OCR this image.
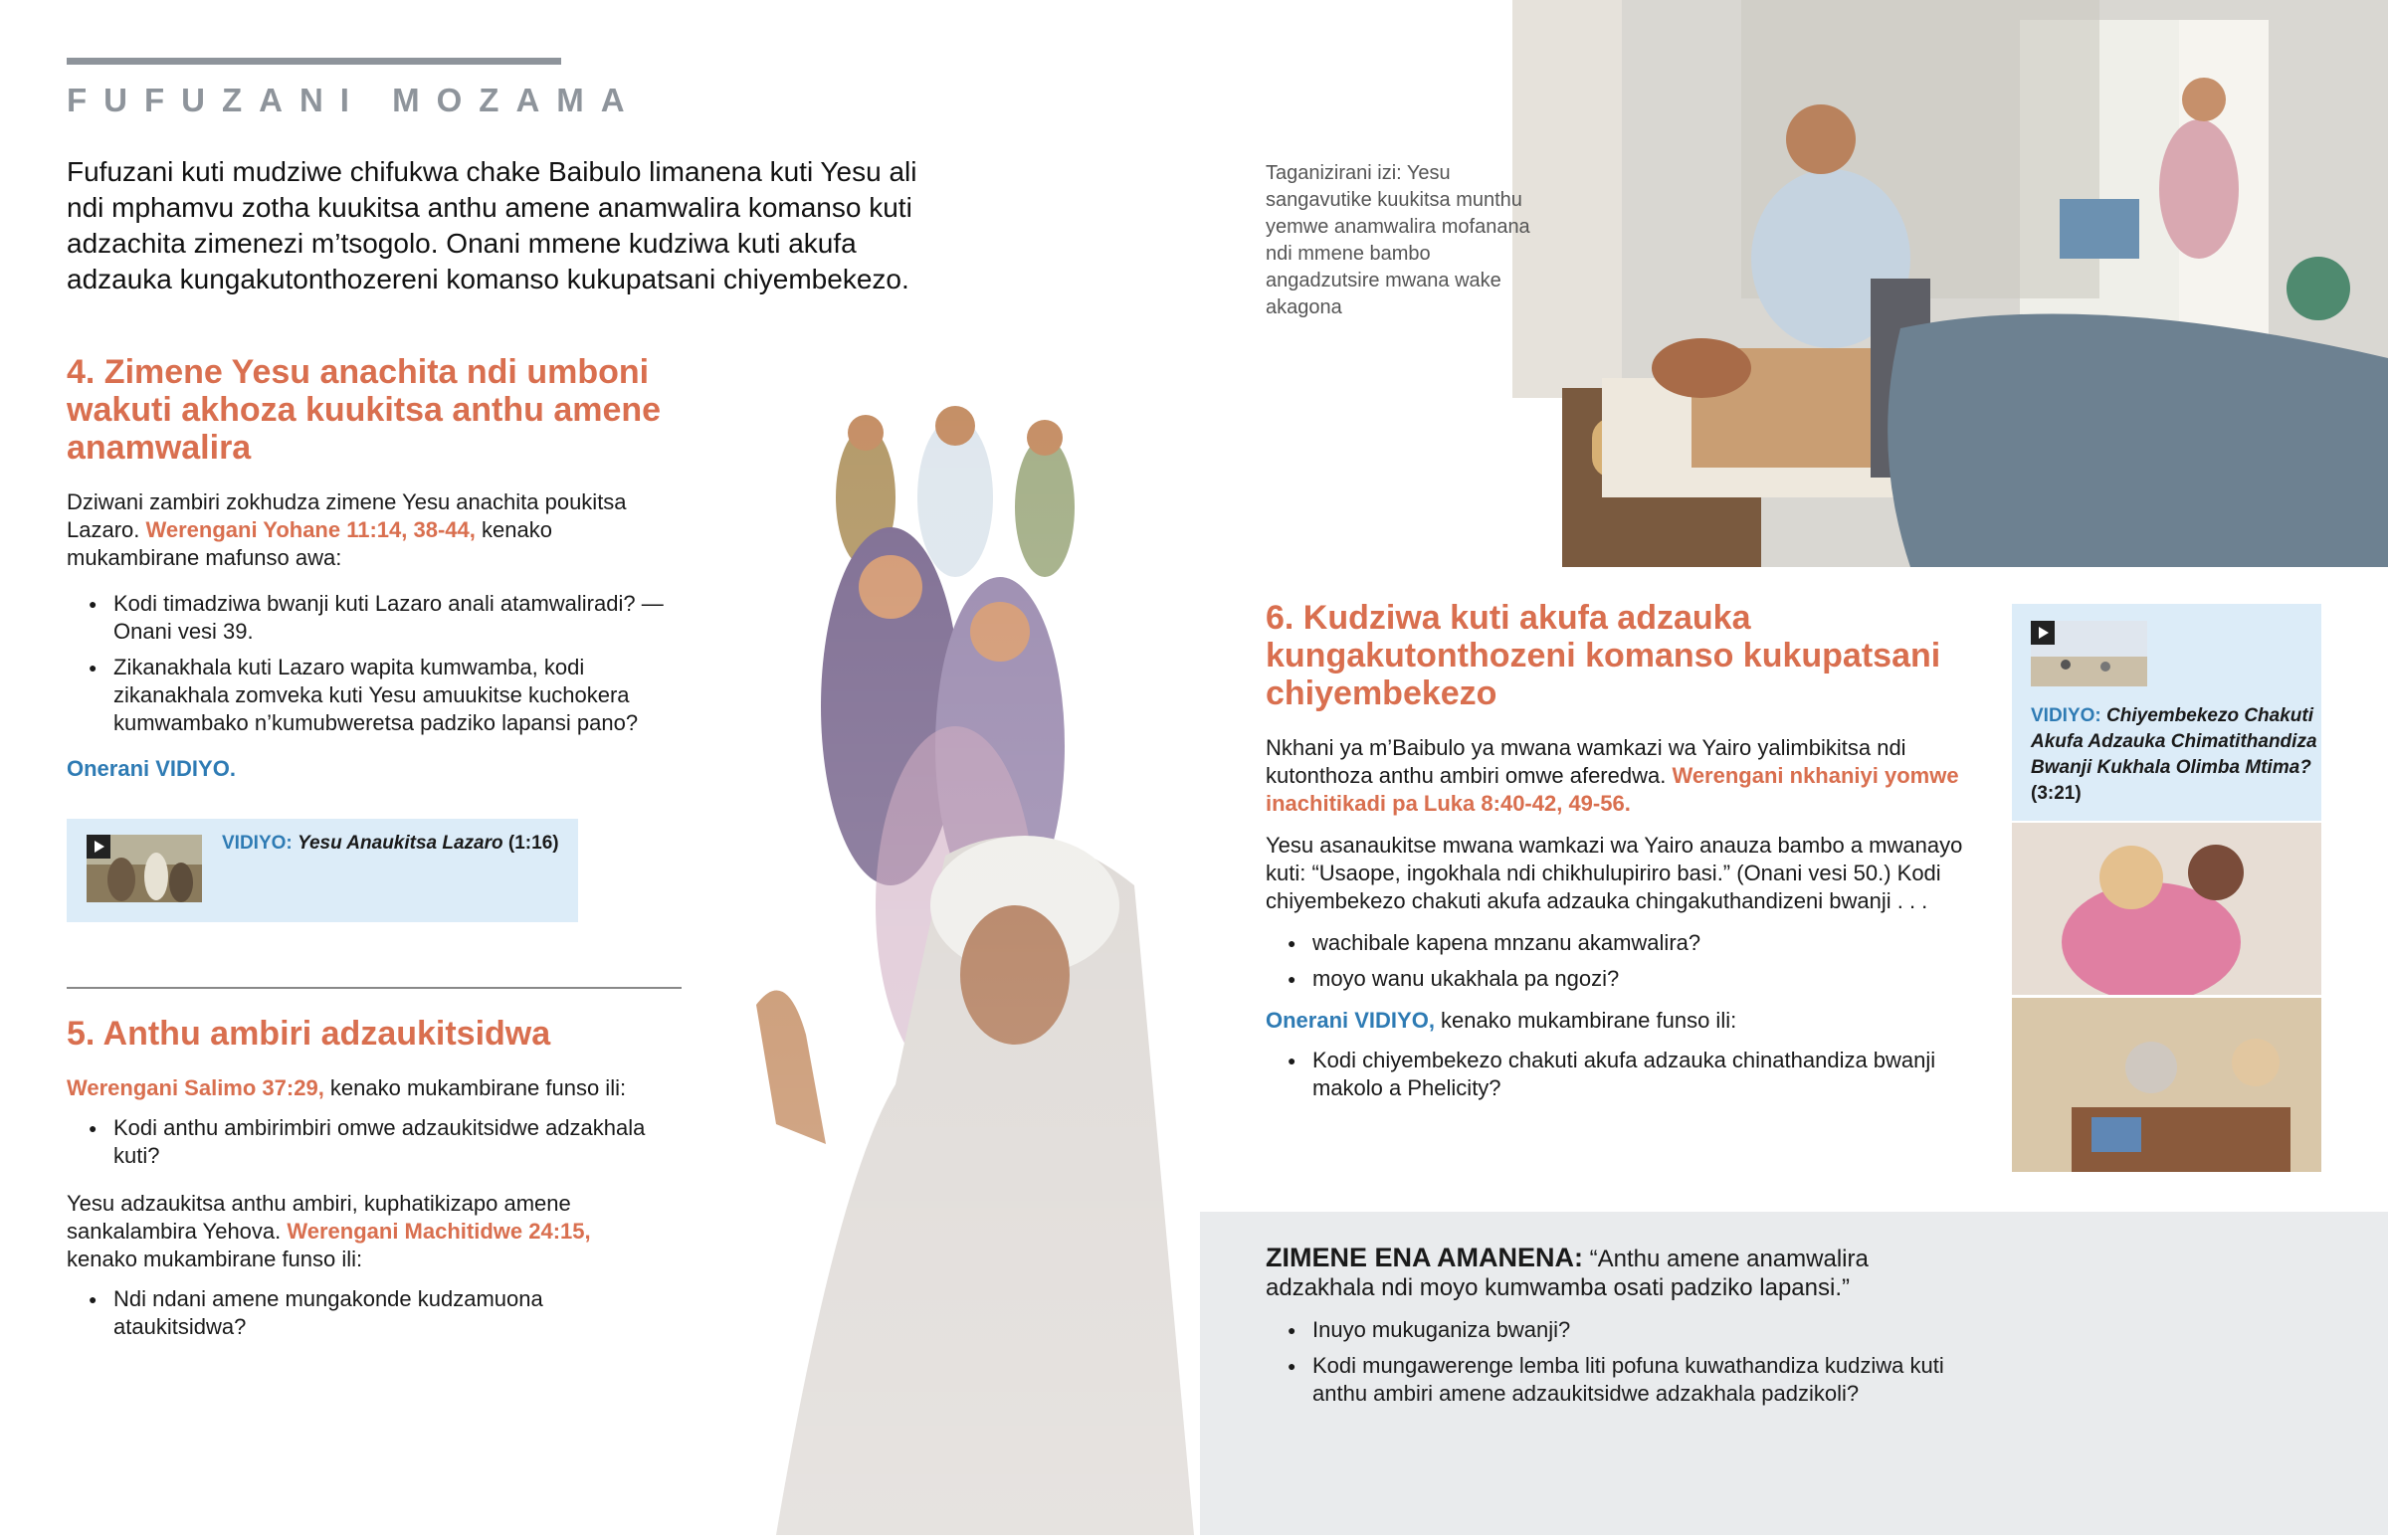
FUFUZANI MOZAMA

Fufuzani kuti mudziwe chifukwa chake Baibulo limanena kuti Yesu ali ndi mphamvu zotha kuukitsa anthu amene anamwalira komanso kuti adzachita zimenezi m’tsogolo. Onani mmene kudziwa kuti akufa adzauka kungakutonthozereni komanso kukupatsani chiyembekezo.

4. Zimene Yesu anachita ndi umboni wakuti akhoza kuukitsa anthu amene anamwalira

Dziwani zambiri zokhudza zimene Yesu anachita poukitsa Lazaro. Werengani Yohane 11:14, 38-44, kenako mukambirane mafunso awa:

● Kodi timadziwa bwanji kuti Lazaro anali atamwaliradi? —Onani vesi 39.
● Zikanakhala kuti Lazaro wapita kumwamba, kodi zikanakhala zomveka kuti Yesu amuukitse kuchokera kumwambako n’kumubweretsa padziko lapansi pano?

Onerani VIDIYO.

VIDIYO: Yesu Anaukitsa Lazaro (1:16)
5. Anthu ambiri adzaukitsidwa

Werengani Salimo 37:29, kenako mukambirane funso ili:

● Kodi anthu ambirimbiri omwe adzaukitsidwe adzakhala kuti?

Yesu adzaukitsa anthu ambiri, kuphatikizapo amene sankalambira Yehova. Werengani Machitidwe 24:15, kenako mukambirane funso ili:

● Ndi ndani amene mungakonde kudzamuona ataukitsidwa?

Taganizirani izi: Yesu sangavutike kuukitsa munthu yemwe anamwalira mofanana ndi mmene bambo angadzutsire mwana wake akagona

6. Kudziwa kuti akufa adzauka kungakutonthozeni komanso kukupatsani chiyembekezo

Nkhani ya m’Baibulo ya mwana wamkazi wa Yairo yalimbikitsa ndi kutonthoza anthu ambiri omwe aferedwa. Werengani nkhaniyi yomwe inachitikadi pa Luka 8:40-42, 49-56.

Yesu asanaukitse mwana wamkazi wa Yairo anauza bambo a mwanayo kuti: “Usaope, ingokhala ndi chikhulupiriro basi.” (Onani vesi 50.) Kodi chiyembekezo chakuti akufa adzauka chingakuthandizeni bwanji . . .

● wachibale kapena mnzanu akamwalira?
● moyo wanu ukakhala pa ngozi?

Onerani VIDIYO, kenako mukambirane funso ili:

● Kodi chiyembekezo chakuti akufa adzauka chinathandiza bwanji makolo a Phelicity?
VIDIYO: Chiyembekezo Chakuti Akufa Adzauka Chimatithandiza Bwanji Kukhala Olimba Mtima? (3:21)

ZIMENE ENA AMANENA: “Anthu amene anamwalira adzakhala ndi moyo kumwamba osati padziko lapansi.”

● Inuyo mukuganiza bwanji?
● Kodi mungawerenge lemba liti pofuna kuwathandiza kudziwa kuti anthu ambiri amene adzaukitsidwe adzakhala padzikoli?
